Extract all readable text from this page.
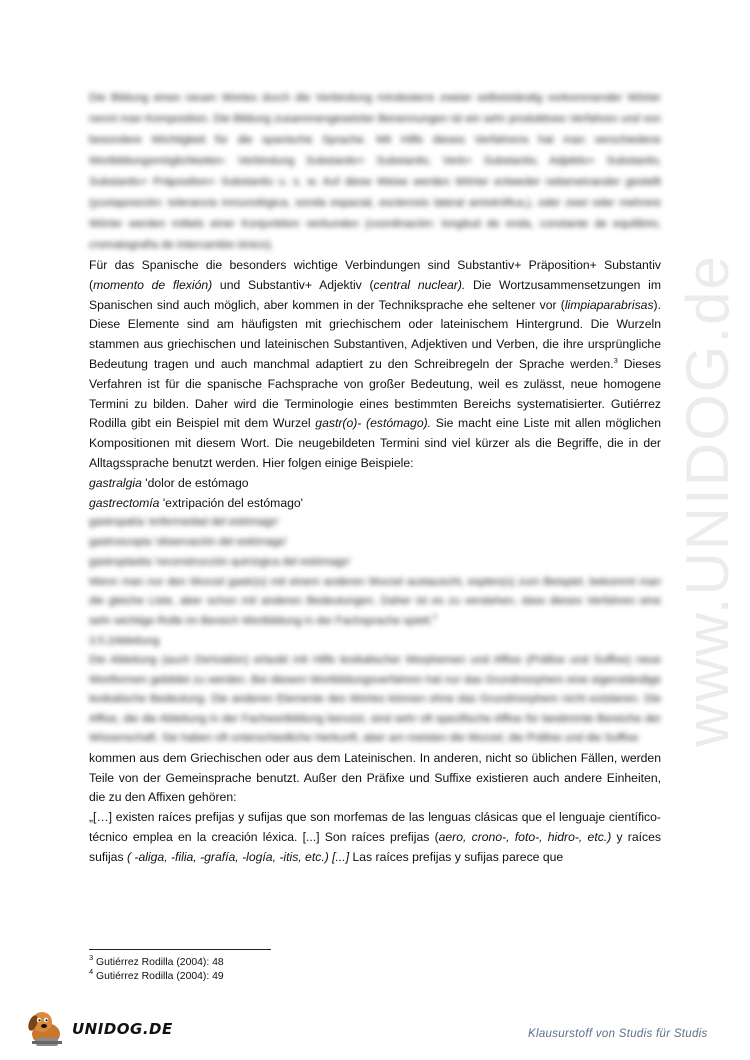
www.UNIDOG.de

Die Bildung eines neuen Wortes durch die Verbindung mindestens zweier selbstständig vorkommender Wörter nennt man Komposition. Die Bildung zusammengesetzter Benennungen ist ein sehr produktives Verfahren und von besondere Wichtigkeit für die spanische Sprache. Mit Hilfe dieses Verfahrens hat man verschiedene Wortbildungsmöglichkeiten- Verbindung Substantiv+ Substantiv, Verb+ Substantiv, Adjektiv+ Substantiv, Substantiv+ Präposition+ Substantiv u. s. w. Auf diese Weise werden Wörter entweder nebeneinander gestellt (yuxtaposición: tolerancia inmunológica, sonda espacial, esclerosis lateral amiotrófica,), oder zwei oder mehrere Wörter werden mittels einer Konjunktion verbunden (coordinación: longitud de onda, constante de equilibrio, cromatografía de intercambio iónico).

Für das Spanische die besonders wichtige Verbindungen sind Substantiv+ Präposition+ Substantiv (momento de flexión) und Substantiv+ Adjektiv (central nuclear). Die Wortzusammensetzungen im Spanischen sind auch möglich, aber kommen in der Techniksprache ehe seltener vor (limpiaparabrisas). Diese Elemente sind am häufigsten mit griechischem oder lateinischem Hintergrund. Die Wurzeln stammen aus griechischen und lateinischen Substantiven, Adjektiven und Verben, die ihre ursprüngliche Bedeutung tragen und auch manchmal adaptiert zu den Schreibregeln der Sprache werden.$^3$ Dieses Verfahren ist für die spanische Fachsprache von großer Bedeutung, weil es zulässt, neue homogene Termini zu bilden. Daher wird die Terminologie eines bestimmten Bereichs systematisierter. Gutiérrez Rodilla gibt ein Beispiel mit dem Wurzel gastr(o)- (estómago). Sie macht eine Liste mit allen möglichen Kompositionen mit diesem Wort. Die neugebildeten Termini sind viel kürzer als die Begriffe, die in der Alltagssprache benutzt werden. Hier folgen einige Beispiele:

gastralgia 'dolor de estómago

gastrectomía 'extripación del estómago'

gastropatía 'enfermedad del estómago'

gastroscopia 'observación del estómago'

gastroplastia 'reconstrucción quirúrgica del estómago'

Wenn man nur den Wurzel gastr(o) mit einem anderen Wurzel austauscht, esplen(o) zum Beispiel, bekommt man die gleiche Liste, aber schon mit anderen Bedeutungen. Daher ist es zu verstehen, dass dieses Verfahren eine sehr wichtige Rolle im Bereich Wortbildung in der Fachsprache spielt.$^4$

3.5.2Ableitung

Die Ableitung (auch Derivation) erlaubt mit Hilfe lexikalischer Morphemen und Affixe (Präfixe und Suffixe) neue Wortformen gebildet zu werden. Bei diesem Wortbildungsverfahren hat nur das Grundmorphem eine eigenständige lexikalische Bedeutung. Die anderen Elemente des Wortes können ohne das Grundmorphem nicht existieren. Die Affixe, die die Ableitung in der Fachwortbildung benutzt, sind sehr oft spezifische Affixe für bestimmte Bereiche der Wissenschaft. Sie haben oft unterschiedliche Herkunft, aber am meisten die Wurzel, die Präfixe und die Suffixe

kommen aus dem Griechischen oder aus dem Lateinischen. In anderen, nicht so üblichen Fällen, werden Teile von der Gemeinsprache benutzt. Außer den Präfixe und Suffixe existieren auch andere Einheiten, die zu den Affixen gehören:

„[…] existen raíces prefijas y sufijas que son morfemas de las lenguas clásicas que el lenguaje científico- técnico emplea en la creación léxica. [...] Son raíces prefijas (aero, crono-, foto-, hidro-, etc.) y raíces sufijas ( -aliga, -filia, -grafía, -logía, -itis, etc.) [...] Las raíces prefijas y sufijas parece que

$^3$ Gutiérrez Rodilla (2004): 48

$^4$ Gutiérrez Rodilla (2004): 49

UNIDOG.DE	Klausurstoff von Studis für Studis
